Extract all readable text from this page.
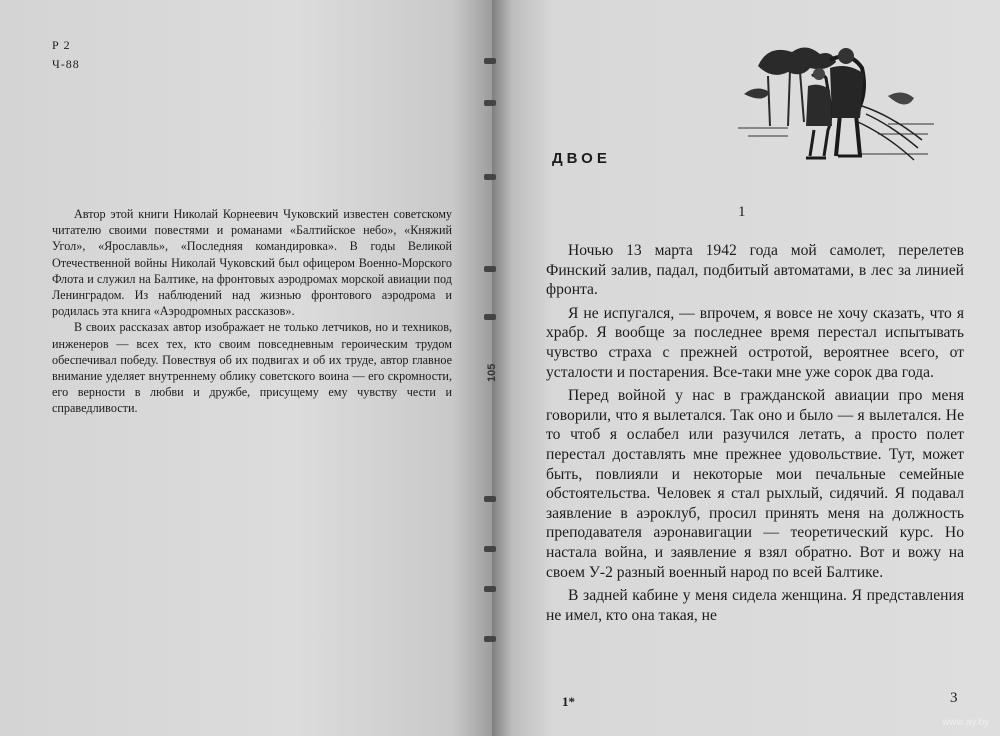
Р 2
Ч-88

Автор этой книги Николай Корнеевич Чуковский известен советскому читателю своими повестями и романами «Балтийское небо», «Княжий Угол», «Ярославль», «Последняя командировка». В годы Великой Отечественной войны Николай Чуковский был офицером Военно-Морского Флота и служил на Балтике, на фронтовых аэродромах морской авиации под Ленинградом. Из наблюдений над жизнью фронтового аэродрома и родилась эта книга «Аэродромных рассказов».

В своих рассказах автор изображает не только летчиков, но и техников, инженеров — всех тех, кто своим повседневным героическим трудом обеспечивал победу. Повествуя об их подвигах и об их труде, автор главное внимание уделяет внутреннему облику советского воина — его скромности, его верности в любви и дружбе, присущему ему чувству чести и справедливости.

ДВОЕ
1

Ночью 13 марта 1942 года мой самолет, перелетев Финский залив, падал, подбитый автоматами, в лес за линией фронта.

Я не испугался, — впрочем, я вовсе не хочу сказать, что я храбр. Я вообще за последнее время перестал испытывать чувство страха с прежней остротой, вероятнее всего, от усталости и постарения. Все-таки мне уже сорок два года.

Перед войной у нас в гражданской авиации про меня говорили, что я вылетался. Так оно и было — я вылетался. Не то чтоб я ослабел или разучился летать, а просто полет перестал доставлять мне прежнее удовольствие. Тут, может быть, повлияли и некоторые мои печальные семейные обстоятельства. Человек я стал рыхлый, сидячий. Я подавал заявление в аэроклуб, просил принять меня на должность преподавателя аэронавигации — теоретический курс. Но настала война, и заявление я взял обратно. Вот и вожу на своем У-2 разный военный народ по всей Балтике.

В задней кабине у меня сидела женщина. Я представления не имел, кто она такая, не

1*	3
105
www.ay.by
